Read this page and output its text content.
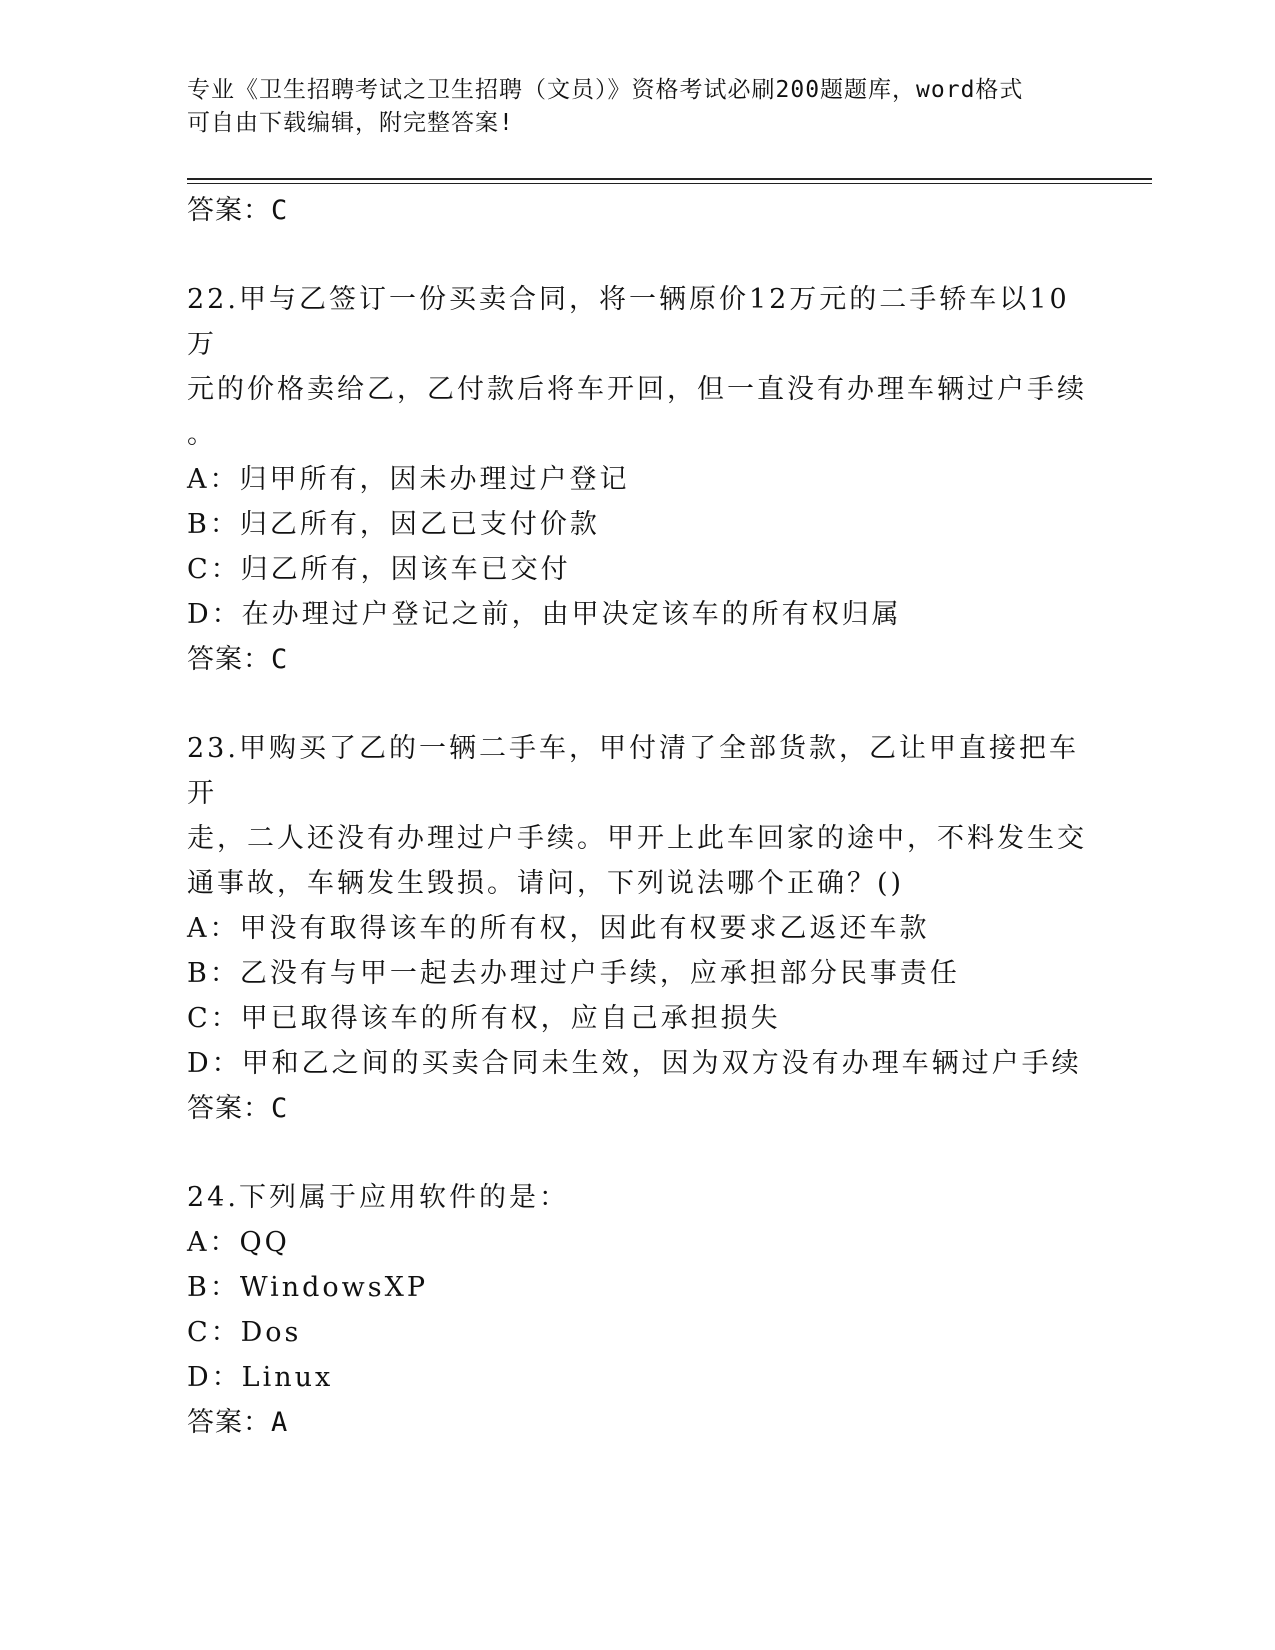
专业《卫生招聘考试之卫生招聘（文员）》资格考试必刷200题题库，word格式
可自由下载编辑，附完整答案!

答案：C

22.甲与乙签订一份买卖合同，将一辆原价12万元的二手轿车以10万

元的价格卖给乙，乙付款后将车开回，但一直没有办理车辆过户手续

。

A：归甲所有，因未办理过户登记

B：归乙所有，因乙已支付价款

C：归乙所有，因该车已交付

D：在办理过户登记之前，由甲决定该车的所有权归属

答案：C

23.甲购买了乙的一辆二手车，甲付清了全部货款，乙让甲直接把车开

走，二人还没有办理过户手续。甲开上此车回家的途中，不料发生交

通事故，车辆发生毁损。请问，下列说法哪个正确？()

A：甲没有取得该车的所有权，因此有权要求乙返还车款

B：乙没有与甲一起去办理过户手续，应承担部分民事责任

C：甲已取得该车的所有权，应自己承担损失

D：甲和乙之间的买卖合同未生效，因为双方没有办理车辆过户手续

答案：C

24.下列属于应用软件的是：

A：QQ

B：WindowsXP

C：Dos

D：Linux

答案：A
